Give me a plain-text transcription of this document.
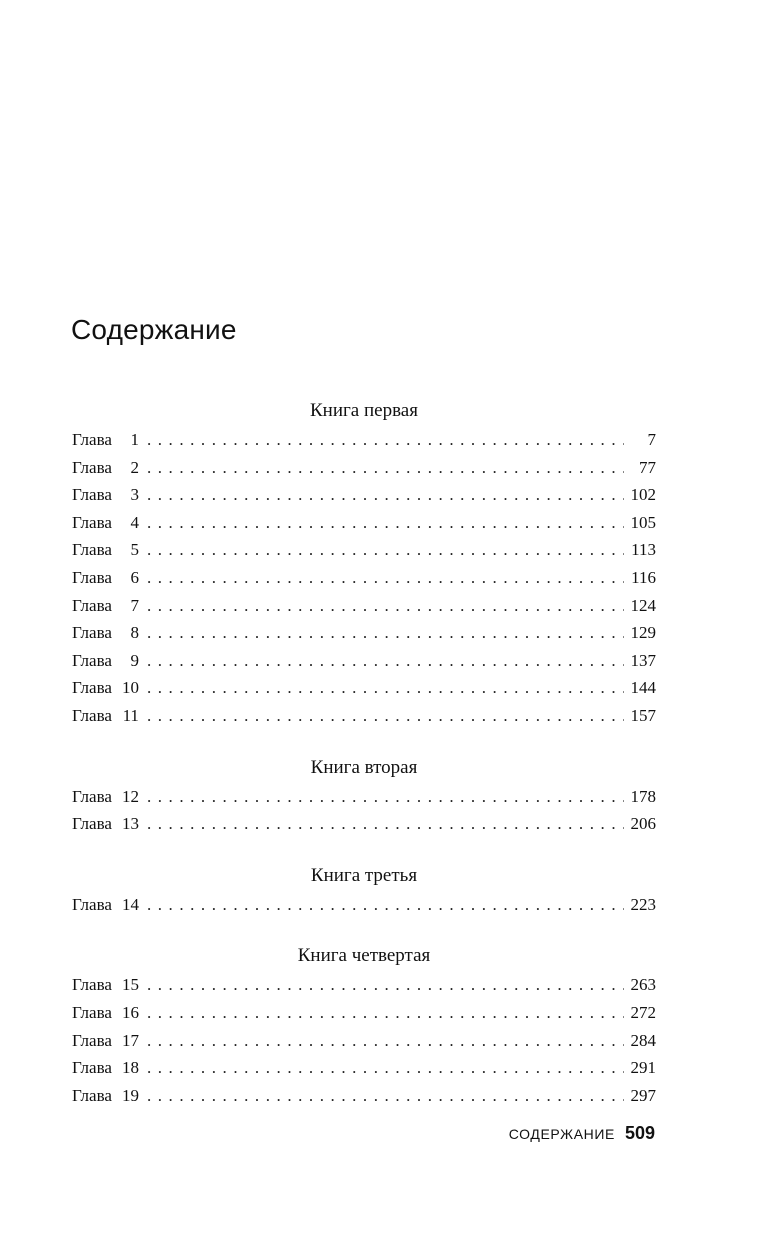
Содержание
Книга первая
Глава 1 . . .	7
Глава 2 . . .	77
Глава 3 . . .	102
Глава 4 . . .	105
Глава 5 . . .	113
Глава 6 . . .	116
Глава 7 . . .	124
Глава 8 . . .	129
Глава 9 . . .	137
Глава 10 . . .	144
Глава 11 . . .	157
Книга вторая
Глава 12 . . .	178
Глава 13 . . .	206
Книга третья
Глава 14 . . .	223
Книга четвертая
Глава 15 . . .	263
Глава 16 . . .	272
Глава 17 . . .	284
Глава 18 . . .	291
Глава 19 . . .	297
СОДЕРЖАНИЕ 509
